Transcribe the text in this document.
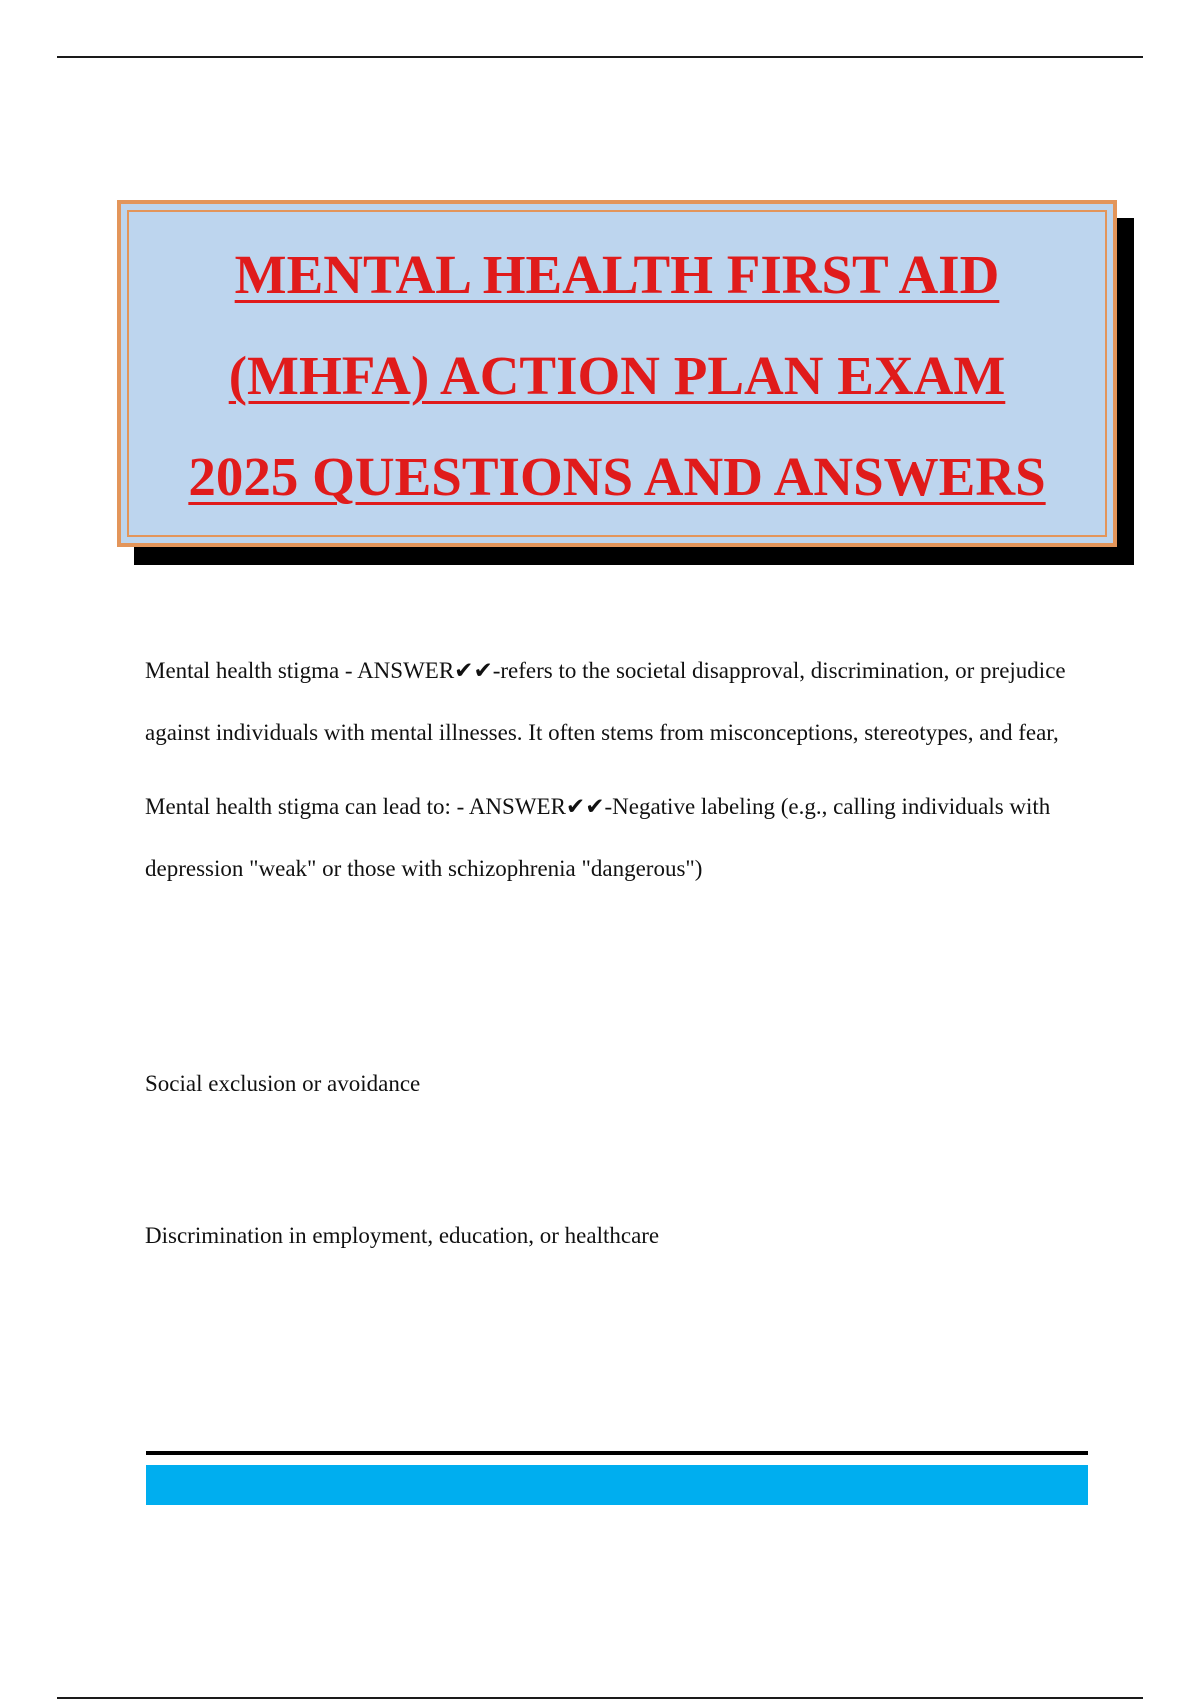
MENTAL HEALTH FIRST AID
(MHFA) ACTION PLAN EXAM
2025 QUESTIONS AND ANSWERS

Mental health stigma - ANSWER✔✔-refers to the societal disapproval, discrimination, or prejudice against individuals with mental illnesses. It often stems from misconceptions, stereotypes, and fear,

Mental health stigma can lead to: - ANSWER✔✔-Negative labeling (e.g., calling individuals with depression "weak" or those with schizophrenia "dangerous")

Social exclusion or avoidance

Discrimination in employment, education, or healthcare
